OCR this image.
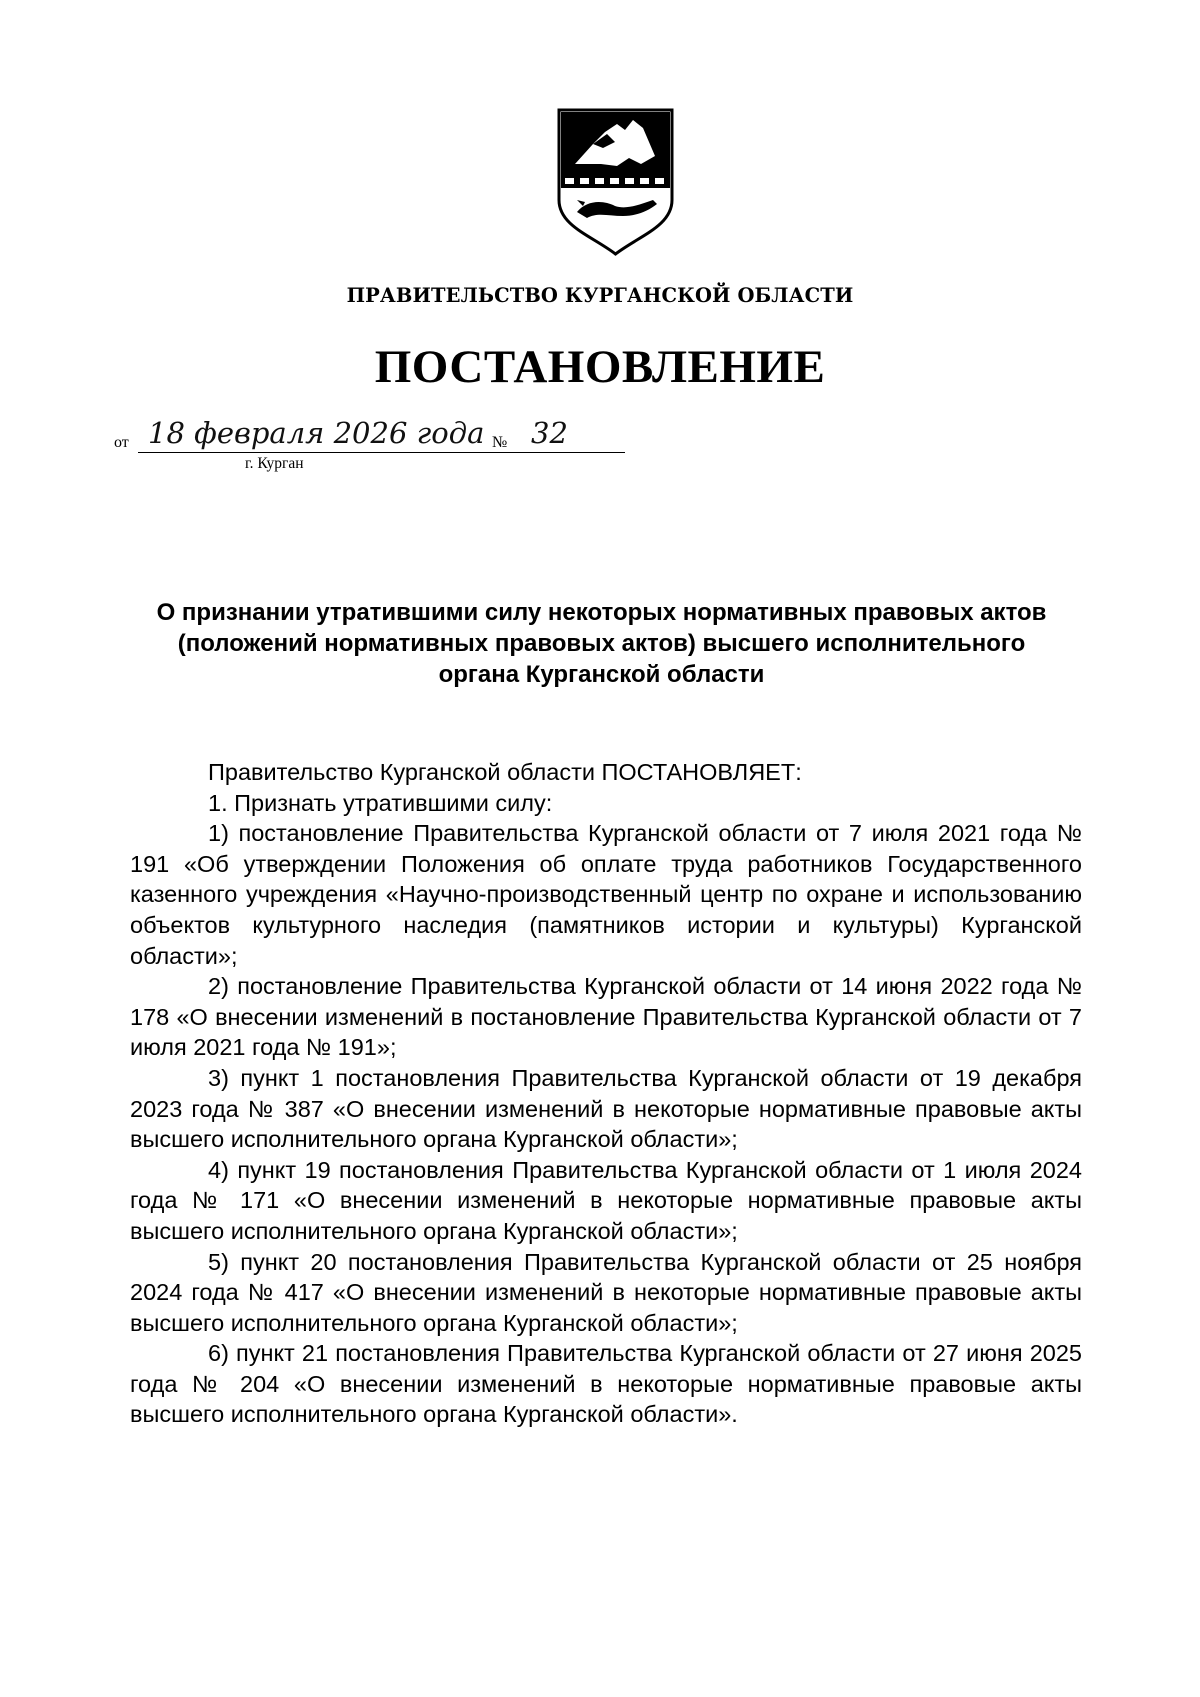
ПРАВИТЕЛЬСТВО КУРГАНСКОЙ ОБЛАСТИ
ПОСТАНОВЛЕНИЕ
от 18 февраля 2026 года № 32
г. Курган
О признании утратившими силу некоторых нормативных правовых актов
(положений нормативных правовых актов) высшего исполнительного
органа Курганской области

Правительство Курганской области ПОСТАНОВЛЯЕТ:

1. Признать утратившими силу:

1) постановление Правительства Курганской области от 7 июля 2021 года № 191 «Об утверждении Положения об оплате труда работников Государственного казенного учреждения «Научно-производственный центр по охране и использованию объектов культурного наследия (памятников истории и культуры) Курганской области»;

2) постановление Правительства Курганской области от 14 июня 2022 года № 178 «О внесении изменений в постановление Правительства Курганской области от 7 июля 2021 года № 191»;

3) пункт 1 постановления Правительства Курганской области от 19 декабря 2023 года № 387 «О внесении изменений в некоторые нормативные правовые акты высшего исполнительного органа Курганской области»;

4) пункт 19 постановления Правительства Курганской области от 1 июля 2024 года № 171 «О внесении изменений в некоторые нормативные правовые акты высшего исполнительного органа Курганской области»;

5) пункт 20 постановления Правительства Курганской области от 25 ноября 2024 года № 417 «О внесении изменений в некоторые нормативные правовые акты высшего исполнительного органа Курганской области»;

6) пункт 21 постановления Правительства Курганской области от 27 июня 2025 года № 204 «О внесении изменений в некоторые нормативные правовые акты высшего исполнительного органа Курганской области».
